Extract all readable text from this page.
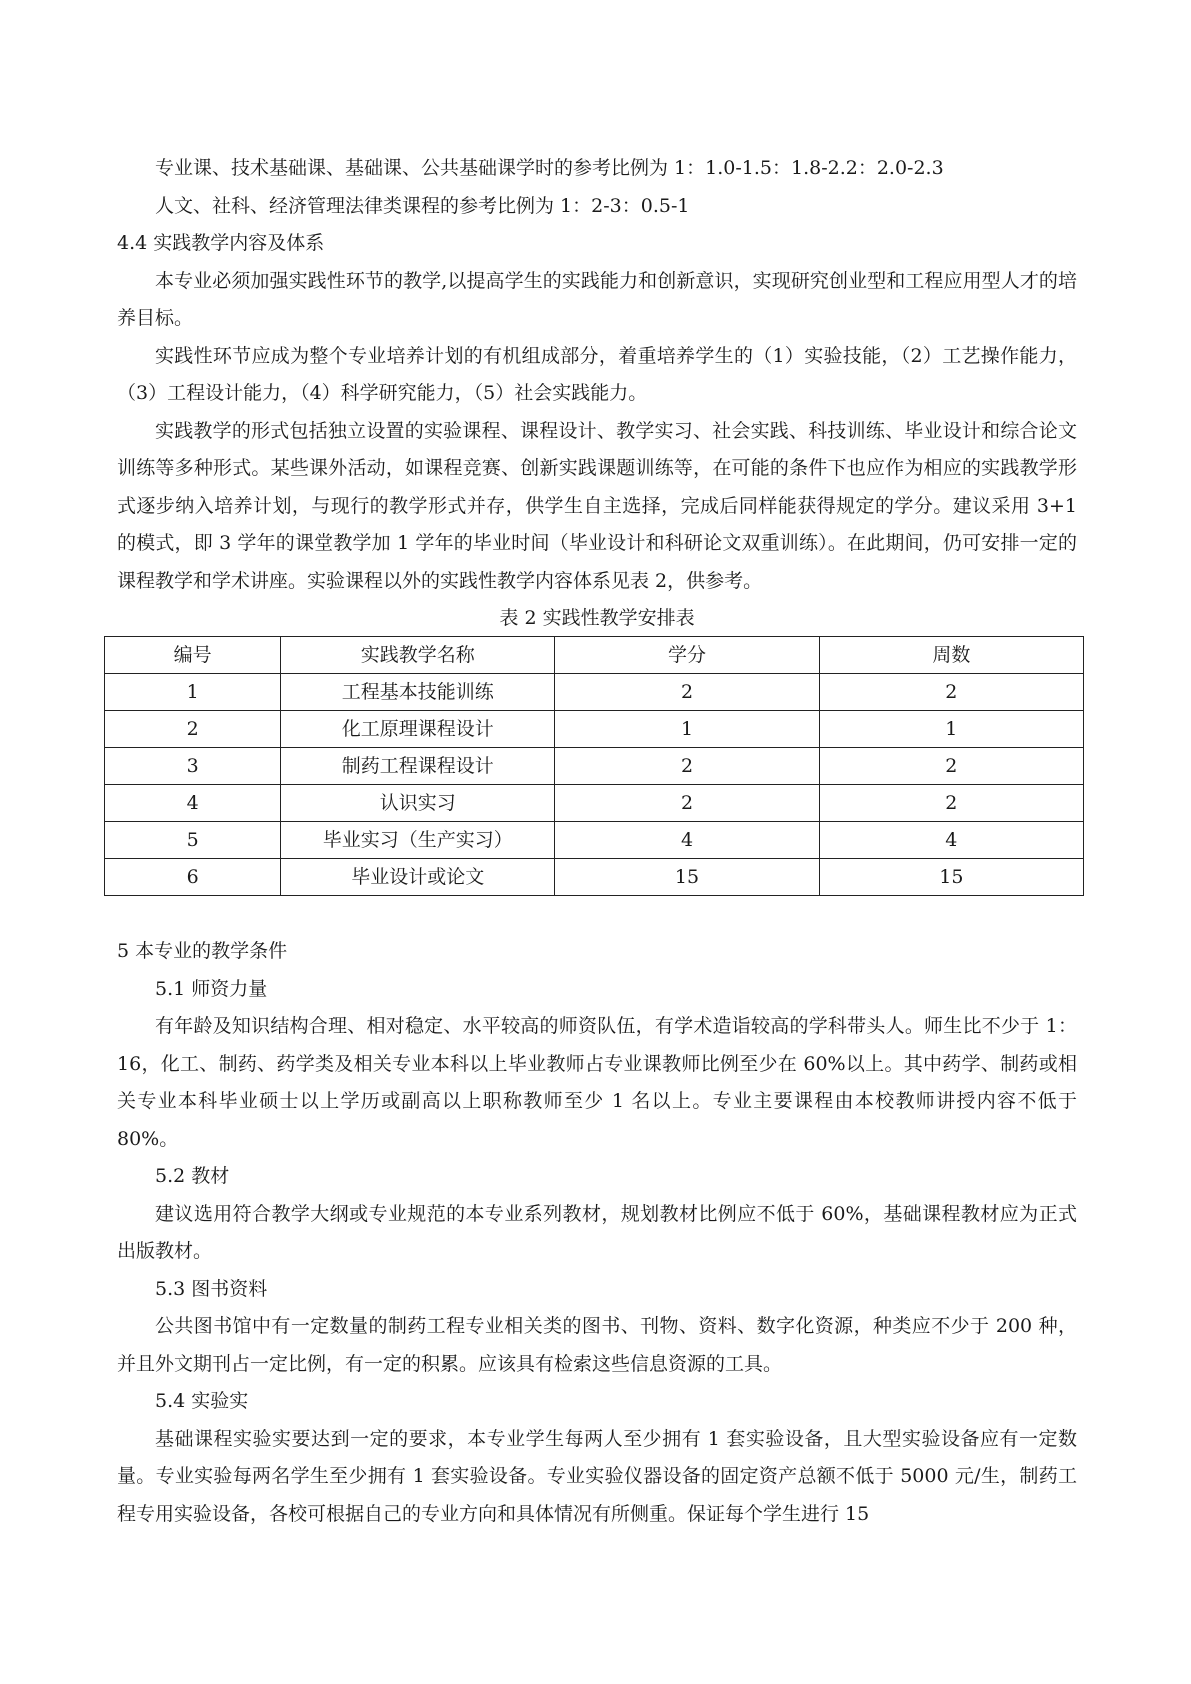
专业课、技术基础课、基础课、公共基础课学时的参考比例为 1：1.0-1.5：1.8-2.2：2.0-2.3

人文、社科、经济管理法律类课程的参考比例为 1：2-3：0.5-1

4.4 实践教学内容及体系

本专业必须加强实践性环节的教学,以提高学生的实践能力和创新意识，实现研究创业型和工程应用型人才的培养目标。

实践性环节应成为整个专业培养计划的有机组成部分，着重培养学生的（1）实验技能，（2）工艺操作能力，（3）工程设计能力，（4）科学研究能力，（5）社会实践能力。

实践教学的形式包括独立设置的实验课程、课程设计、教学实习、社会实践、科技训练、毕业设计和综合论文训练等多种形式。某些课外活动，如课程竞赛、创新实践课题训练等，在可能的条件下也应作为相应的实践教学形式逐步纳入培养计划，与现行的教学形式并存，供学生自主选择，完成后同样能获得规定的学分。建议采用 3+1 的模式，即 3 学年的课堂教学加 1 学年的毕业时间（毕业设计和科研论文双重训练）。在此期间，仍可安排一定的课程教学和学术讲座。实验课程以外的实践性教学内容体系见表 2，供参考。

表 2 实践性教学安排表

编号	实践教学名称	学分	周数
1	工程基本技能训练	2	2
2	化工原理课程设计	1	1
3	制药工程课程设计	2	2
4	认识实习	2	2
5	毕业实习（生产实习）	4	4
6	毕业设计或论文	15	15
5 本专业的教学条件

5.1 师资力量

有年龄及知识结构合理、相对稳定、水平较高的师资队伍，有学术造诣较高的学科带头人。师生比不少于 1：16，化工、制药、药学类及相关专业本科以上毕业教师占专业课教师比例至少在 60%以上。其中药学、制药或相关专业本科毕业硕士以上学历或副高以上职称教师至少 1 名以上。专业主要课程由本校教师讲授内容不低于 80%。

5.2 教材

建议选用符合教学大纲或专业规范的本专业系列教材，规划教材比例应不低于 60%，基础课程教材应为正式出版教材。

5.3 图书资料

公共图书馆中有一定数量的制药工程专业相关类的图书、刊物、资料、数字化资源，种类应不少于 200 种，并且外文期刊占一定比例，有一定的积累。应该具有检索这些信息资源的工具。

5.4 实验实

基础课程实验实要达到一定的要求，本专业学生每两人至少拥有 1 套实验设备，且大型实验设备应有一定数量。专业实验每两名学生至少拥有 1 套实验设备。专业实验仪器设备的固定资产总额不低于 5000 元/生，制药工程专用实验设备，各校可根据自己的专业方向和具体情况有所侧重。保证每个学生进行 15
